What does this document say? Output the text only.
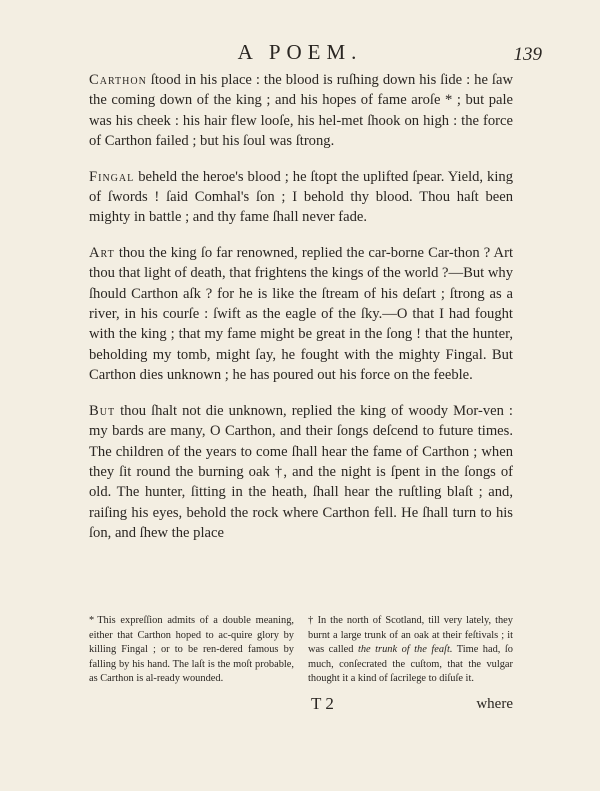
A POEM.	139

Carthon ſtood in his place : the blood is ruſhing down his ſide : he ſaw the coming down of the king ; and his hopes of fame aroſe * ; but pale was his cheek : his hair flew looſe, his hel-met ſhook on high : the force of Carthon failed ; but his ſoul was ſtrong.

Fingal beheld the heroe's blood ; he ſtopt the uplifted ſpear. Yield, king of ſwords ! ſaid Comhal's ſon ; I behold thy blood. Thou haſt been mighty in battle ; and thy fame ſhall never fade.

Art thou the king ſo far renowned, replied the car-borne Car-thon ? Art thou that light of death, that frightens the kings of the world ?—But why ſhould Carthon aſk ? for he is like the ſtream of his deſart ; ſtrong as a river, in his courſe : ſwift as the eagle of the ſky.—O that I had fought with the king ; that my fame might be great in the ſong ! that the hunter, beholding my tomb, might ſay, he fought with the mighty Fingal. But Carthon dies unknown ; he has poured out his force on the feeble.

But thou ſhalt not die unknown, replied the king of woody Mor-ven : my bards are many, O Carthon, and their ſongs deſcend to future times. The children of the years to come ſhall hear the fame of Carthon ; when they ſit round the burning oak †, and the night is ſpent in the ſongs of old. The hunter, ſitting in the heath, ſhall hear the ruſtling blaſt ; and, raiſing his eyes, behold the rock where Carthon fell. He ſhall turn to his ſon, and ſhew the place

* This expreſſion admits of a double meaning, either that Carthon hoped to ac-quire glory by killing Fingal ; or to be ren-dered famous by falling by his hand. The laſt is the moſt probable, as Carthon is al-ready wounded.
† In the north of Scotland, till very lately, they burnt a large trunk of an oak at their feſtivals ; it was called the trunk of the feaſt. Time had, ſo much, conſecrated the cuſtom, that the vulgar thought it a kind of ſacrilege to diſuſe it.
T 2	where
